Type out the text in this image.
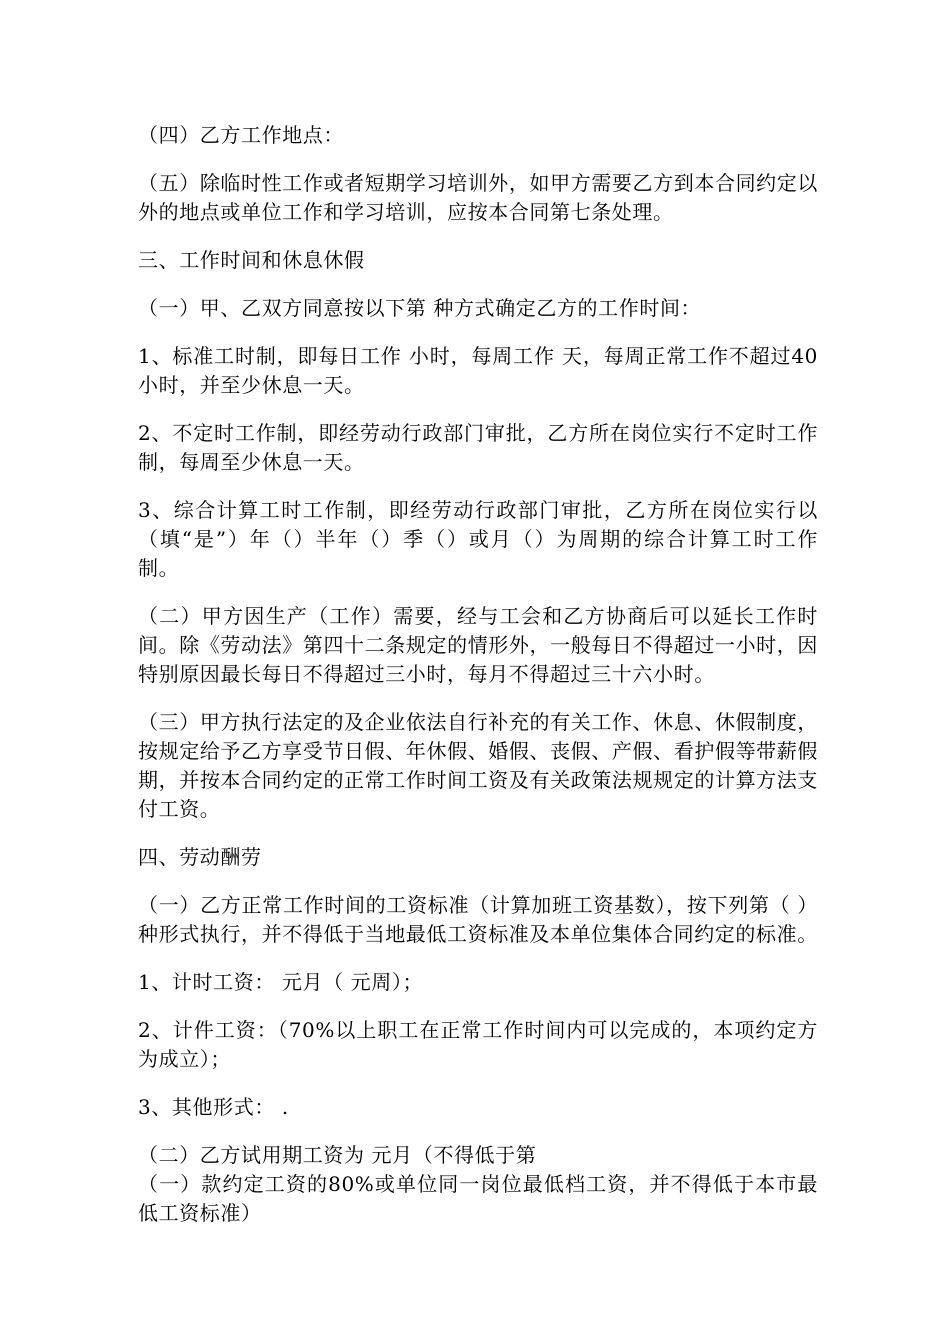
（四）乙方工作地点：

（五）除临时性工作或者短期学习培训外，如甲方需要乙方到本合同约定以外的地点或单位工作和学习培训，应按本合同第七条处理。

三、工作时间和休息休假

（一）甲、乙双方同意按以下第 种方式确定乙方的工作时间：

1、标准工时制，即每日工作 小时，每周工作 天，每周正常工作不超过40小时，并至少休息一天。

2、不定时工作制，即经劳动行政部门审批，乙方所在岗位实行不定时工作制，每周至少休息一天。

3、综合计算工时工作制，即经劳动行政部门审批，乙方所在岗位实行以（填“是”）年（）半年（）季（）或月（）为周期的综合计算工时工作制。

（二）甲方因生产（工作）需要，经与工会和乙方协商后可以延长工作时间。除《劳动法》第四十二条规定的情形外，一般每日不得超过一小时，因特别原因最长每日不得超过三小时，每月不得超过三十六小时。

（三）甲方执行法定的及企业依法自行补充的有关工作、休息、休假制度，按规定给予乙方享受节日假、年休假、婚假、丧假、产假、看护假等带薪假期，并按本合同约定的正常工作时间工资及有关政策法规规定的计算方法支付工资。

四、劳动酬劳

（一）乙方正常工作时间的工资标准（计算加班工资基数），按下列第（ ）种形式执行，并不得低于当地最低工资标准及本单位集体合同约定的标准。

1、计时工资： 元月（ 元周）；

2、计件工资：（70%以上职工在正常工作时间内可以完成的，本项约定方为成立）；

3、其他形式： .

（二）乙方试用期工资为 元月（不得低于第

（一）款约定工资的80%或单位同一岗位最低档工资，并不得低于本市最低工资标准）
